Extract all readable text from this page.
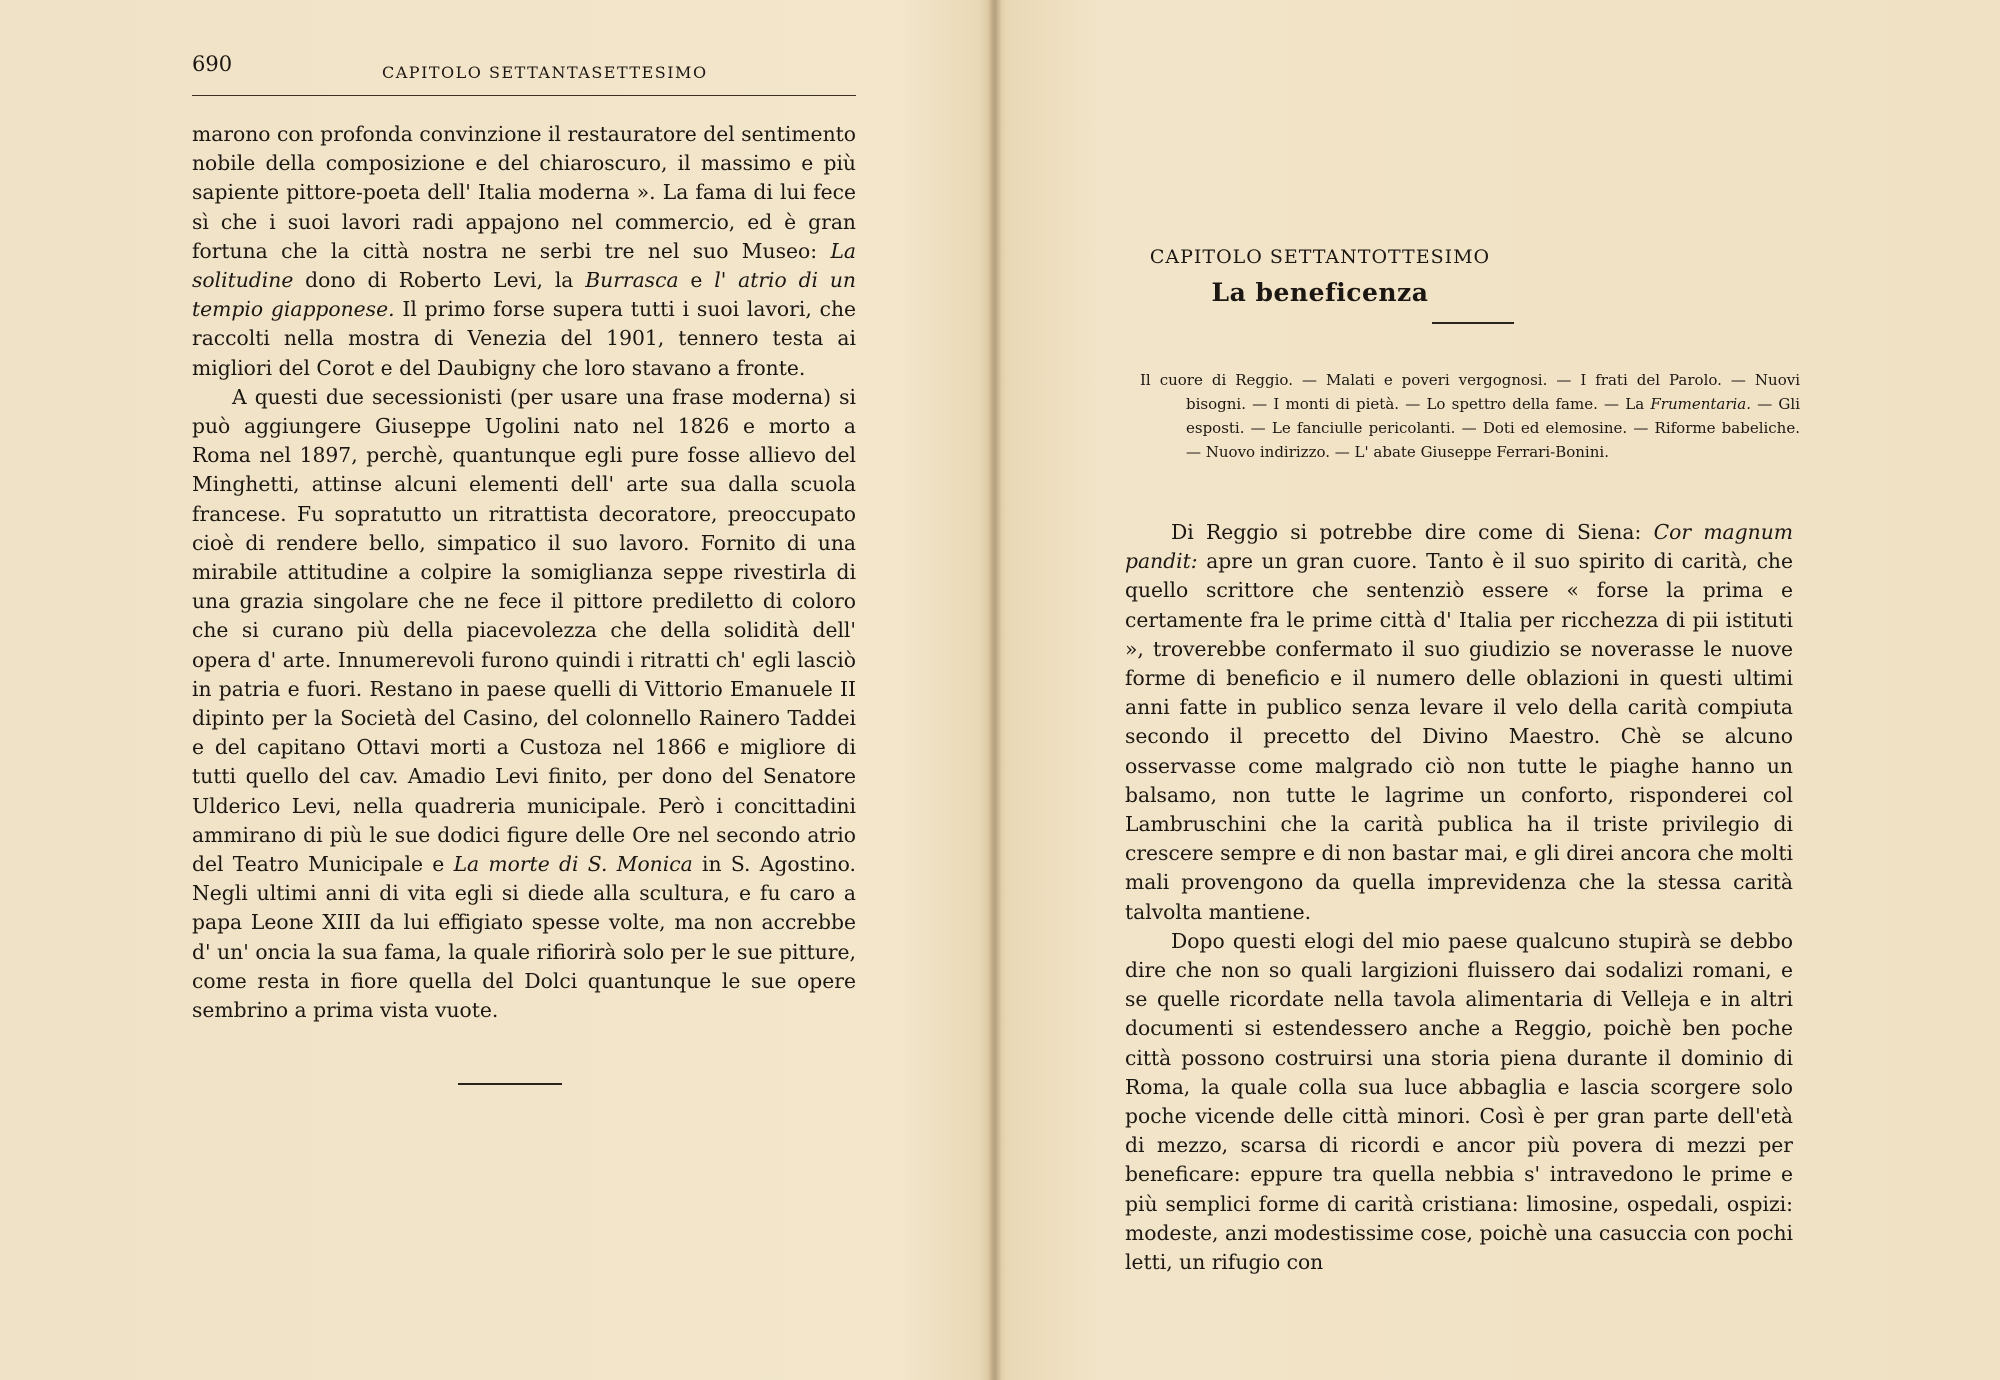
690	CAPITOLO SETTANTASETTESIMO

marono con profonda convinzione il restauratore del sentimento nobile della composizione e del chiaroscuro, il massimo e più sapiente pittore-poeta dell' Italia moderna ». La fama di lui fece sì che i suoi lavori radi appajono nel commercio, ed è gran fortuna che la città nostra ne serbi tre nel suo Museo: La solitudine dono di Roberto Levi, la Burrasca e l' atrio di un tempio giapponese. Il primo forse supera tutti i suoi lavori, che raccolti nella mostra di Venezia del 1901, tennero testa ai migliori del Corot e del Daubigny che loro stavano a fronte.

A questi due secessionisti (per usare una frase moderna) si può aggiungere Giuseppe Ugolini nato nel 1826 e morto a Roma nel 1897, perchè, quantunque egli pure fosse allievo del Minghetti, attinse alcuni elementi dell' arte sua dalla scuola francese. Fu sopratutto un ritrattista decoratore, preoccupato cioè di rendere bello, simpatico il suo lavoro. Fornito di una mirabile attitudine a colpire la somiglianza seppe rivestirla di una grazia singolare che ne fece il pittore prediletto di coloro che si curano più della piacevolezza che della solidità dell' opera d' arte. Innumerevoli furono quindi i ritratti ch' egli lasciò in patria e fuori. Restano in paese quelli di Vittorio Emanuele II dipinto per la Società del Casino, del colonnello Rainero Taddei e del capitano Ottavi morti a Custoza nel 1866 e migliore di tutti quello del cav. Amadio Levi finito, per dono del Senatore Ulderico Levi, nella quadreria municipale. Però i concittadini ammirano di più le sue dodici figure delle Ore nel secondo atrio del Teatro Municipale e La morte di S. Monica in S. Agostino. Negli ultimi anni di vita egli si diede alla scultura, e fu caro a papa Leone XIII da lui effigiato spesse volte, ma non accrebbe d' un' oncia la sua fama, la quale rifiorirà solo per le sue pitture, come resta in fiore quella del Dolci quantunque le sue opere sembrino a prima vista vuote.

CAPITOLO SETTANTOTTESIMO
La beneficenza
Il cuore di Reggio. — Malati e poveri vergognosi. — I frati del Parolo. — Nuovi bisogni. — I monti di pietà. — Lo spettro della fame. — La Frumentaria. — Gli esposti. — Le fanciulle pericolanti. — Doti ed elemosine. — Riforme babeliche. — Nuovo indirizzo. — L' abate Giuseppe Ferrari-Bonini.

Di Reggio si potrebbe dire come di Siena: Cor magnum pandit: apre un gran cuore. Tanto è il suo spirito di carità, che quello scrittore che sentenziò essere « forse la prima e certamente fra le prime città d' Italia per ricchezza di pii istituti », troverebbe confermato il suo giudizio se noverasse le nuove forme di beneficio e il numero delle oblazioni in questi ultimi anni fatte in publico senza levare il velo della carità compiuta secondo il precetto del Divino Maestro. Chè se alcuno osservasse come malgrado ciò non tutte le piaghe hanno un balsamo, non tutte le lagrime un conforto, risponderei col Lambruschini che la carità publica ha il triste privilegio di crescere sempre e di non bastar mai, e gli direi ancora che molti mali provengono da quella imprevidenza che la stessa carità talvolta mantiene.

Dopo questi elogi del mio paese qualcuno stupirà se debbo dire che non so quali largizioni fluissero dai sodalizi romani, e se quelle ricordate nella tavola alimentaria di Velleja e in altri documenti si estendessero anche a Reggio, poichè ben poche città possono costruirsi una storia piena durante il dominio di Roma, la quale colla sua luce abbaglia e lascia scorgere solo poche vicende delle città minori. Così è per gran parte dell'età di mezzo, scarsa di ricordi e ancor più povera di mezzi per beneficare: eppure tra quella nebbia s' intravedono le prime e più semplici forme di carità cristiana: limosine, ospedali, ospizi: modeste, anzi modestissime cose, poichè una casuccia con pochi letti, un rifugio con
